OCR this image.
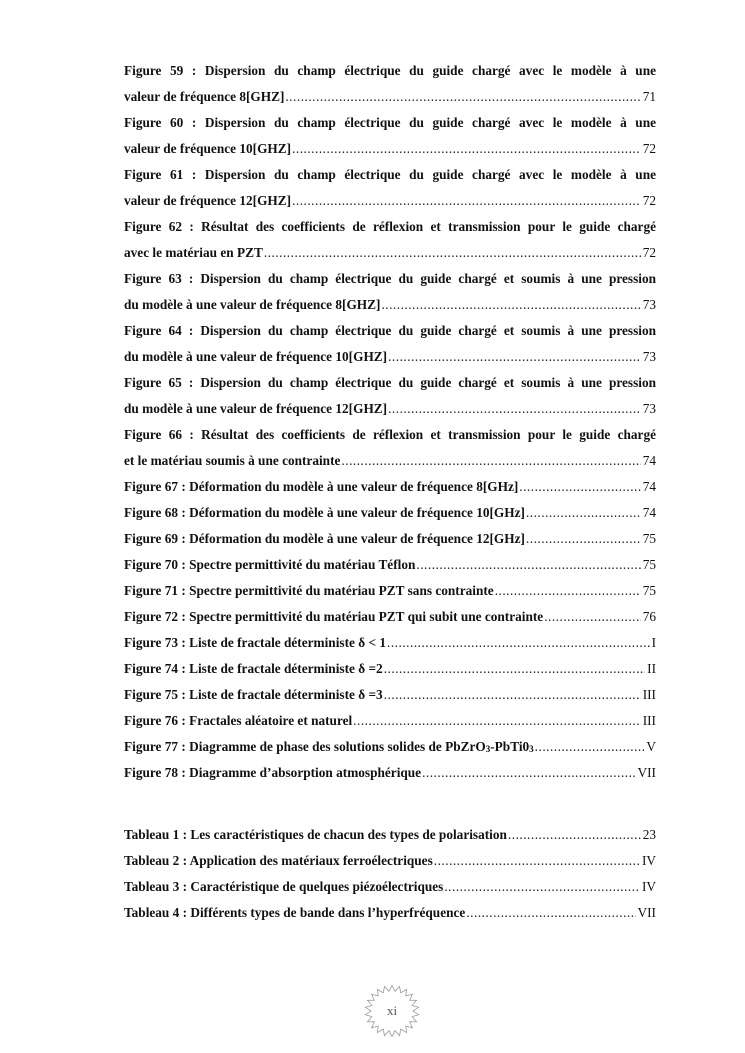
Figure 59 : Dispersion du champ électrique du guide chargé avec le modèle à une
valeur de fréquence 8[GHZ] .....	71
Figure 60 : Dispersion du champ électrique du guide chargé avec le modèle à une
valeur de fréquence 10[GHZ] .....	72
Figure 61 : Dispersion du champ électrique du guide chargé avec le modèle à une
valeur de fréquence 12[GHZ] .....	72
Figure 62 : Résultat des coefficients de réflexion et transmission pour le guide chargé
avec le matériau en PZT .....	72
Figure 63 : Dispersion du champ électrique du guide chargé et soumis à une pression
du modèle à une valeur de fréquence 8[GHZ] .....	73
Figure 64 : Dispersion du champ électrique du guide chargé et soumis à une pression
du modèle à une valeur de fréquence 10[GHZ] .....	73
Figure 65 : Dispersion du champ électrique du guide chargé et soumis à une pression
du modèle à une valeur de fréquence 12[GHZ] .....	73
Figure 66 : Résultat des coefficients de réflexion et transmission pour le guide chargé
et le matériau soumis à une contrainte .....	74
Figure 67 : Déformation du modèle à une valeur de fréquence 8[GHz] .....	74
Figure 68 : Déformation du modèle à une valeur de fréquence 10[GHz] .....	74
Figure 69 : Déformation du modèle à une valeur de fréquence 12[GHz] .....	75
Figure 70 : Spectre permittivité du matériau Téflon .....	75
Figure 71 : Spectre permittivité du matériau PZT sans contrainte .....	75
Figure 72 : Spectre permittivité du matériau PZT qui subit une contrainte .....	76
Figure 73 : Liste de fractale déterministe δ < 1 .....	I
Figure 74 : Liste de fractale déterministe δ =2 .....	II
Figure 75 : Liste de fractale déterministe δ =3 .....	III
Figure 76 : Fractales aléatoire et naturel .....	III
Figure 77 : Diagramme de phase des solutions solides de $PbZrO_3-PbTi0_3$ .....	V
Figure 78 : Diagramme d’absorption atmosphérique .....	VII
Tableau 1 : Les caractéristiques de chacun des types de polarisation .....	23
Tableau 2 : Application des matériaux ferroélectriques .....	IV
Tableau 3 : Caractéristique de quelques piézoélectriques .....	IV
Tableau 4 : Différents types de bande dans l’hyperfréquence .....	VII
xi
